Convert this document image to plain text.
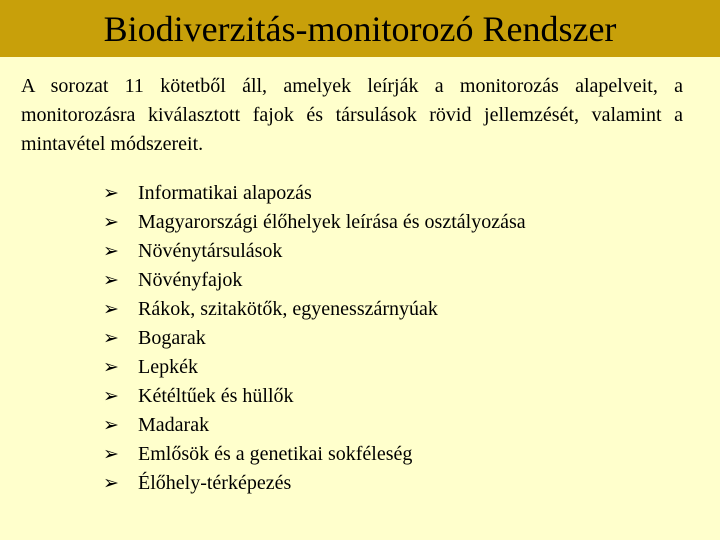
Biodiverzitás-monitorozó Rendszer
A sorozat 11 kötetből áll, amelyek leírják a monitorozás alapelveit, a monitorozásra kiválasztott fajok és társulások rövid jellemzését, valamint a mintavétel módszereit.
➢ Informatikai alapozás
➢ Magyarországi élőhelyek leírása és osztályozása
➢ Növénytársulások
➢ Növényfajok
➢ Rákok, szitakötők, egyenesszárnyúak
➢ Bogarak
➢ Lepkék
➢ Kétéltűek és hüllők
➢ Madarak
➢ Emlősök és a genetikai sokféleség
➢ Élőhely-térképezés
